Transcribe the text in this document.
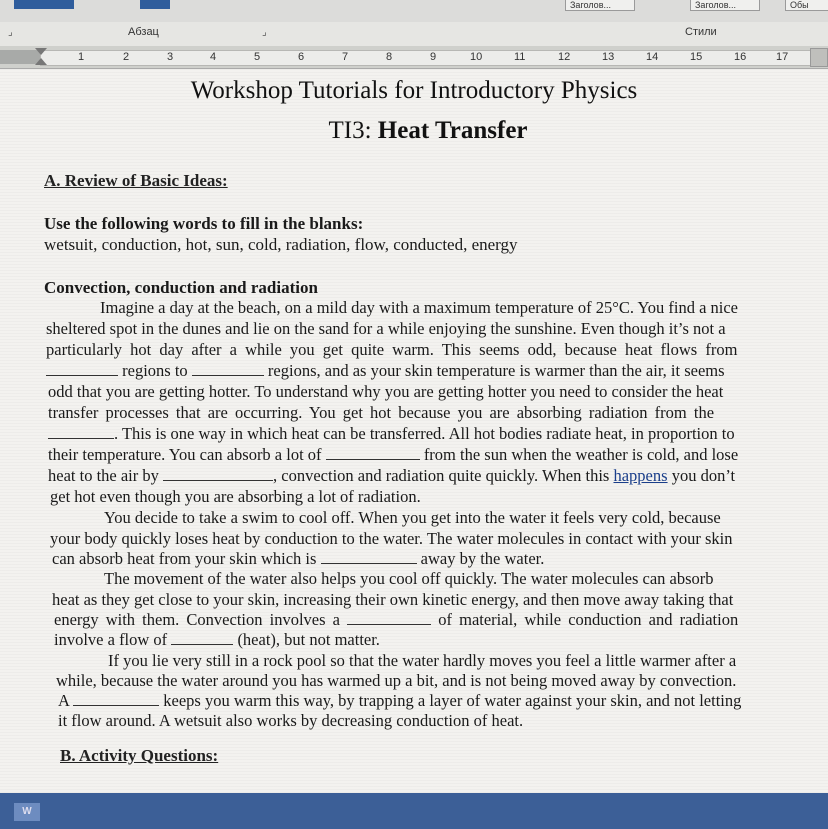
Заголов...	Заголов...	Обы
⌟	Абзац	⌟	Стили
1	2	3	4	5	6	7	8	9	10	11	12	13	14	15	16	17
Workshop Tutorials for Introductory Physics
TI3: Heat Transfer
A. Review of Basic Ideas:
Use the following words to fill in the blanks:
wetsuit, conduction, hot, sun, cold, radiation, flow, conducted, energy
Convection, conduction and radiation
Imagine a day at the beach, on a mild day with a maximum temperature of 25°C. You find a nice
sheltered spot in the dunes and lie on the sand for a while enjoying the sunshine. Even though it’s not a
particularly hot day after a while you get quite warm. This seems odd, because heat flows from
regions to	regions, and as your skin temperature is warmer than the air, it seems
odd that you are getting hotter. To understand why you are getting hotter you need to consider the heat
transfer processes that are occurring. You get hot because you are absorbing radiation from the
. This is one way in which heat can be transferred. All hot bodies radiate heat, in proportion to
their temperature. You can absorb a lot of	from the sun when the weather is cold, and lose
heat to the air by	, convection and radiation quite quickly. When this happens you don’t
get hot even though you are absorbing a lot of radiation.
You decide to take a swim to cool off. When you get into the water it feels very cold, because
your body quickly loses heat by conduction to the water. The water molecules in contact with your skin
can absorb heat from your skin which is	away by the water.
The movement of the water also helps you cool off quickly. The water molecules can absorb
heat as they get close to your skin, increasing their own kinetic energy, and then move away taking that
energy with them. Convection involves a	of material, while conduction and radiation
involve a flow of	(heat), but not matter.
If you lie very still in a rock pool so that the water hardly moves you feel a little warmer after a
while, because the water around you has warmed up a bit, and is not being moved away by convection.
A	keeps you warm this way, by trapping a layer of water against your skin, and not letting
it flow around. A wetsuit also works by decreasing conduction of heat.
B. Activity Questions:
W
